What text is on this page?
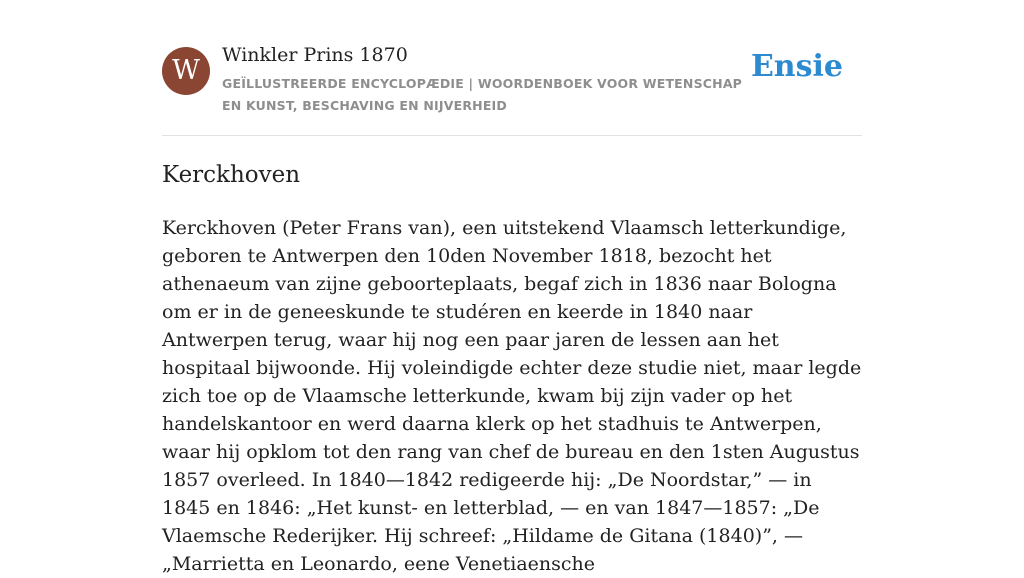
W	Winkler Prins 1870
GEÏLLUSTREERDE ENCYCLOPÆDIE | WOORDENBOEK VOOR WETENSCHAP EN KUNST, BESCHAVING EN NIJVERHEID
Ensie
Kerckhoven

Kerckhoven (Peter Frans van), een uitstekend Vlaamsch letterkundige, geboren te Antwerpen den 10den November 1818, bezocht het athenaeum van zijne geboorteplaats, begaf zich in 1836 naar Bologna om er in de geneeskunde te studéren en keerde in 1840 naar Antwerpen terug, waar hij nog een paar jaren de lessen aan het hospitaal bijwoonde. Hij voleindigde echter deze studie niet, maar legde zich toe op de Vlaamsche letterkunde, kwam bij zijn vader op het handelskantoor en werd daarna klerk op het stadhuis te Antwerpen, waar hij opklom tot den rang van chef de bureau en den 1sten Augustus 1857 overleed. In 1840—1842 redigeerde hij: „De Noordstar,” — in 1845 en 1846: „Het kunst- en letterblad, — en van 1847—1857: „De Vlaemsche Rederijker. Hij schreef: „Hildame de Gitana (1840)”, — „Marrietta en Leonardo, eene Venetiaensche
